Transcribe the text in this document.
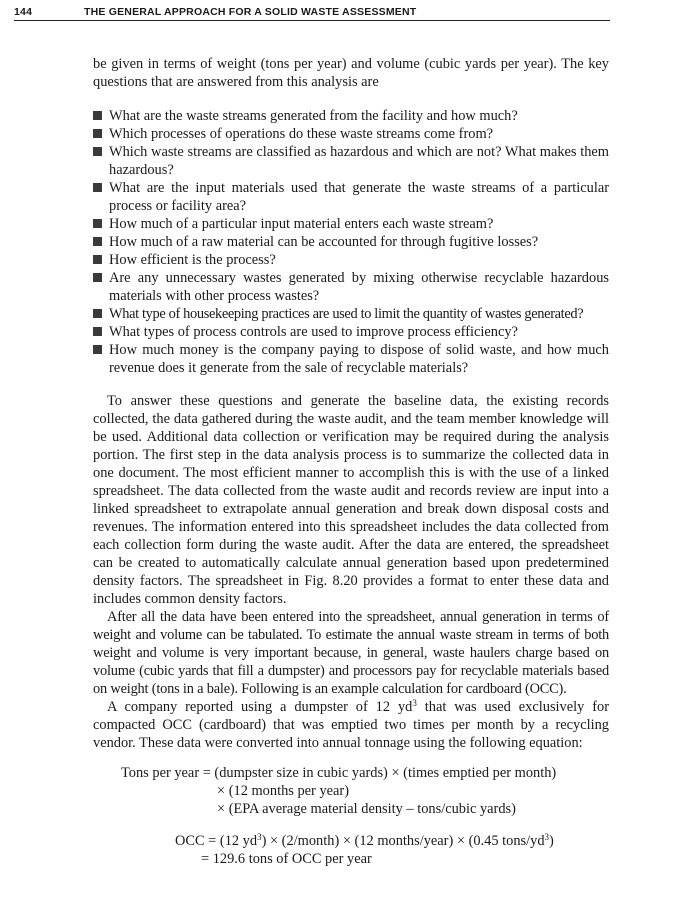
144	THE GENERAL APPROACH FOR A SOLID WASTE ASSESSMENT

be given in terms of weight (tons per year) and volume (cubic yards per year). The key questions that are answered from this analysis are

What are the waste streams generated from the facility and how much?
Which processes of operations do these waste streams come from?
Which waste streams are classified as hazardous and which are not? What makes them hazardous?
What are the input materials used that generate the waste streams of a particular process or facility area?
How much of a particular input material enters each waste stream?
How much of a raw material can be accounted for through fugitive losses?
How efficient is the process?
Are any unnecessary wastes generated by mixing otherwise recyclable hazardous materials with other process wastes?
What type of housekeeping practices are used to limit the quantity of wastes generated?
What types of process controls are used to improve process efficiency?
How much money is the company paying to dispose of solid waste, and how much revenue does it generate from the sale of recyclable materials?

To answer these questions and generate the baseline data, the existing records collected, the data gathered during the waste audit, and the team member knowledge will be used. Additional data collection or verification may be required during the analysis portion. The first step in the data analysis process is to summarize the collected data in one document. The most efficient manner to accomplish this is with the use of a linked spreadsheet. The data collected from the waste audit and records review are input into a linked spreadsheet to extrapolate annual generation and break down disposal costs and revenues. The information entered into this spreadsheet includes the data collected from each collection form during the waste audit. After the data are entered, the spreadsheet can be created to automatically calculate annual generation based upon predetermined density factors. The spreadsheet in Fig. 8.20 provides a format to enter these data and includes common density factors.

After all the data have been entered into the spreadsheet, annual generation in terms of weight and volume can be tabulated. To estimate the annual waste stream in terms of both weight and volume is very important because, in general, waste haulers charge based on volume (cubic yards that fill a dumpster) and processors pay for recyclable materials based on weight (tons in a bale). Following is an example calculation for cardboard (OCC).

A company reported using a dumpster of 12 $yd^3$ that was used exclusively for compacted OCC (cardboard) that was emptied two times per month by a recycling vendor. These data were converted into annual tonnage using the following equation:

Tons per year = (dumpster size in cubic yards) × (times emptied per month)
× (12 months per year)
× (EPA average material density – tons/cubic yards)
OCC = (12 $yd^3$) × (2/month) × (12 months/year) × (0.45 tons/$yd^3$)
= 129.6 tons of OCC per year
